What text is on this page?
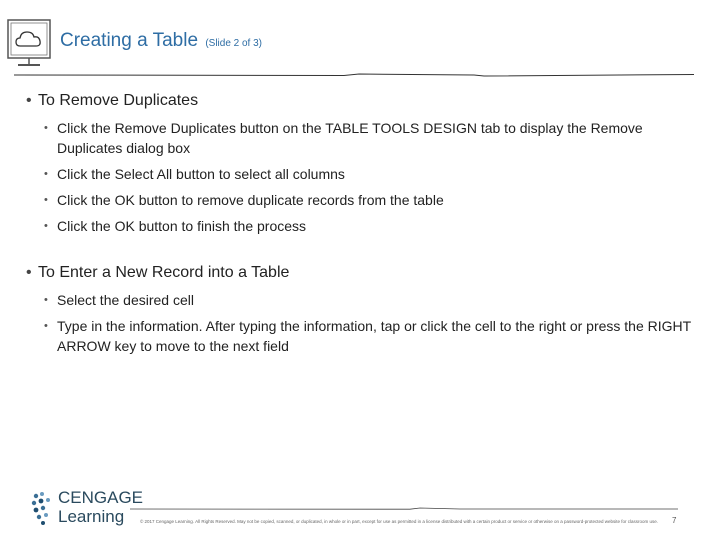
Creating a Table (Slide 2 of 3)
• To Remove Duplicates
• Click the Remove Duplicates button on the TABLE TOOLS DESIGN tab to display the Remove Duplicates dialog box
• Click the Select All button to select all columns
• Click the OK button to remove duplicate records from the table
• Click the OK button to finish the process
• To Enter a New Record into a Table
• Select the desired cell
• Type in the information. After typing the information, tap or click the cell to the right or press the RIGHT ARROW key to move to the next field
CENGAGE
Learning	© 2017 Cengage Learning. All Rights Reserved. May not be copied, scanned, or duplicated, in whole or in part, except for use as permitted in a license distributed with a certain product or service or otherwise on a password-protected website for classroom use.	7
